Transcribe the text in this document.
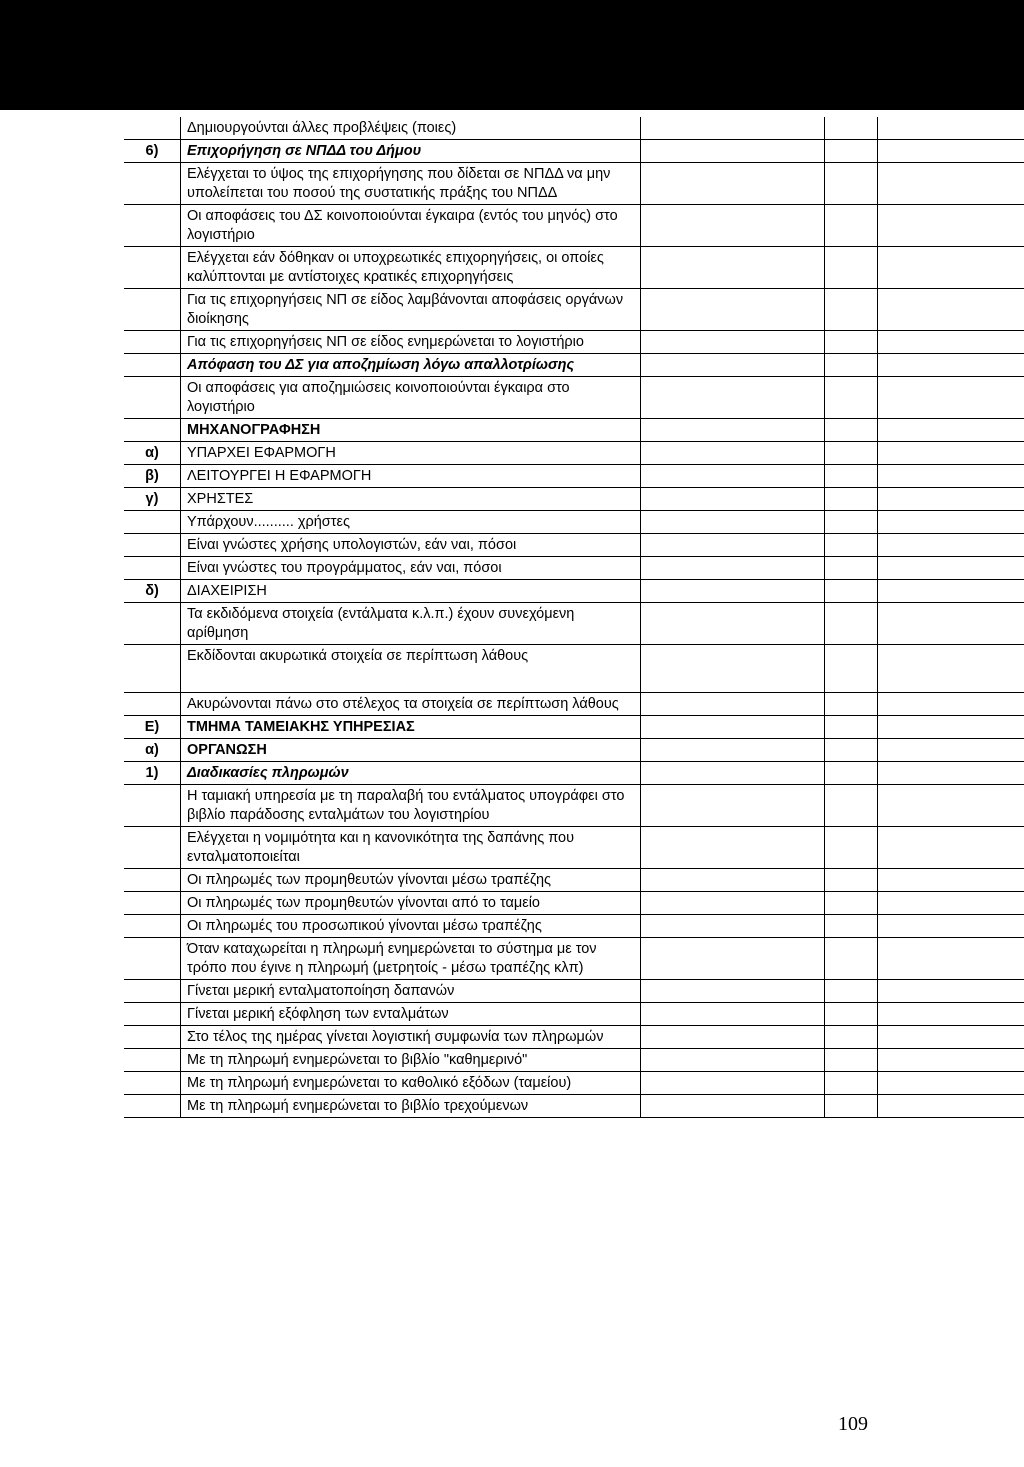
	Δημιουργούνται άλλες προβλέψεις (ποιες)			
6)	Επιχορήγηση σε ΝΠΔΔ του Δήμου			
	Ελέγχεται το ύψος της επιχορήγησης που δίδεται σε ΝΠΔΔ να μην υπολείπεται του ποσού της συστατικής πράξης του ΝΠΔΔ			
	Οι αποφάσεις του ΔΣ κοινοποιούνται έγκαιρα (εντός του μηνός) στο λογιστήριο			
	Ελέγχεται εάν δόθηκαν οι υποχρεωτικές επιχορηγήσεις, οι οποίες καλύπτονται με αντίστοιχες κρατικές επιχορηγήσεις			
	Για τις επιχορηγήσεις ΝΠ σε είδος λαμβάνονται αποφάσεις οργάνων διοίκησης			
	Για τις επιχορηγήσεις ΝΠ σε είδος ενημερώνεται το λογιστήριο			
	Απόφαση του ΔΣ για αποζημίωση λόγω απαλλοτρίωσης			
	Οι αποφάσεις για αποζημιώσεις κοινοποιούνται έγκαιρα στο λογιστήριο			
	ΜΗΧΑΝΟΓΡΑΦΗΣΗ			
α)	ΥΠΑΡΧΕΙ ΕΦΑΡΜΟΓΗ			
β)	ΛΕΙΤΟΥΡΓΕΙ Η ΕΦΑΡΜΟΓΗ			
γ)	ΧΡΗΣΤΕΣ			
	Υπάρχουν.......... χρήστες			
	Είναι γνώστες χρήσης υπολογιστών, εάν ναι, πόσοι			
	Είναι γνώστες του προγράμματος, εάν ναι, πόσοι			
δ)	ΔΙΑΧΕΙΡΙΣΗ			
	Τα εκδιδόμενα στοιχεία (εντάλματα κ.λ.π.) έχουν συνεχόμενη αρίθμηση			
	Εκδίδονται ακυρωτικά στοιχεία σε περίπτωση λάθους			
	Ακυρώνονται πάνω στο στέλεχος τα στοιχεία σε περίπτωση λάθους			
Ε)	ΤΜΗΜΑ ΤΑΜΕΙΑΚΗΣ ΥΠΗΡΕΣΙΑΣ			
α)	ΟΡΓΑΝΩΣΗ			
1)	Διαδικασίες πληρωμών			
	Η ταμιακή υπηρεσία με τη παραλαβή του εντάλματος υπογράφει στο βιβλίο παράδοσης ενταλμάτων του λογιστηρίου			
	Ελέγχεται η νομιμότητα και η κανονικότητα της δαπάνης που ενταλματοποιείται			
	Οι πληρωμές των προμηθευτών γίνονται μέσω τραπέζης			
	Οι πληρωμές των προμηθευτών γίνονται από το ταμείο			
	Οι πληρωμές του προσωπικού γίνονται μέσω τραπέζης			
	Όταν καταχωρείται η πληρωμή ενημερώνεται το σύστημα με τον τρόπο που έγινε η πληρωμή (μετρητοίς - μέσω τραπέζης κλπ)			
	Γίνεται μερική ενταλματοποίηση δαπανών			
	Γίνεται μερική εξόφληση των ενταλμάτων			
	Στο τέλος της ημέρας γίνεται λογιστική συμφωνία των πληρωμών			
	Με τη πληρωμή ενημερώνεται το βιβλίο "καθημερινό"			
	Με τη πληρωμή ενημερώνεται το καθολικό εξόδων (ταμείου)			
	Με τη πληρωμή ενημερώνεται το βιβλίο τρεχούμενων			
109
